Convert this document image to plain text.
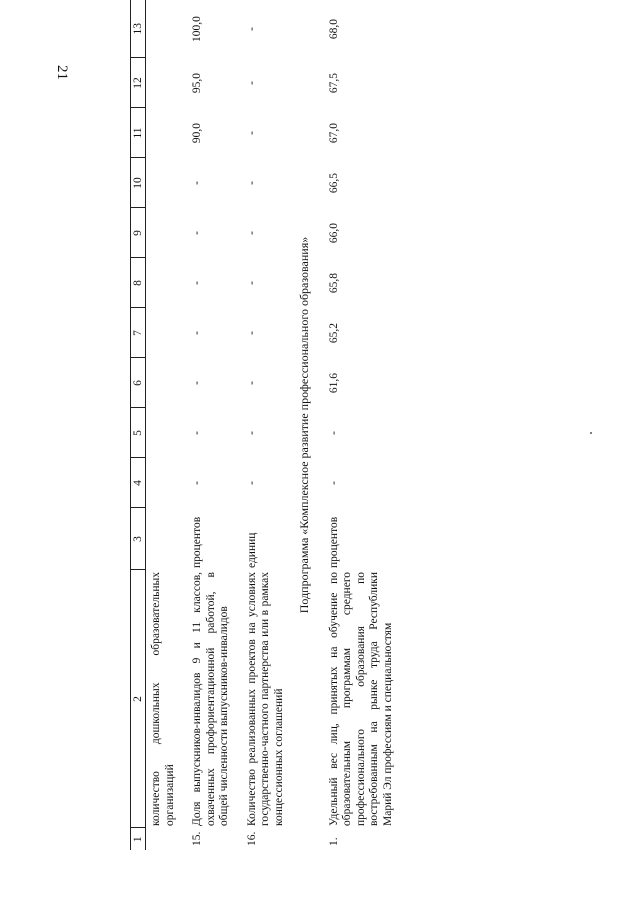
21
1	2	3	4	5	6	7	8	9	10	11	12	13
	количество дошкольных образовательных организаций											
15.	Доля выпускников-инвалидов 9 и 11 классов, охваченных профориентационной работой, в общей численности выпускников-инвалидов	процентов	-	-	-	-	-	-	-	90,0	95,0	100,0
16.	Количество реализованных проектов на условиях государственно-частного партнерства или в рамках концессионных соглашений	единиц	-	-	-	-	-	-	-	-	-	-
Подпрограмма «Комплексное развитие профессионального образования»												
1.	Удельный вес лиц, принятых на обучение по образовательным программам среднего профессионального образования по востребованным на рынке труда Республики Марий Эл профессиям и специальностям	процентов	-	-	61,6	65,2	65,8	66,0	66,5	67,0	67,5	68,0
